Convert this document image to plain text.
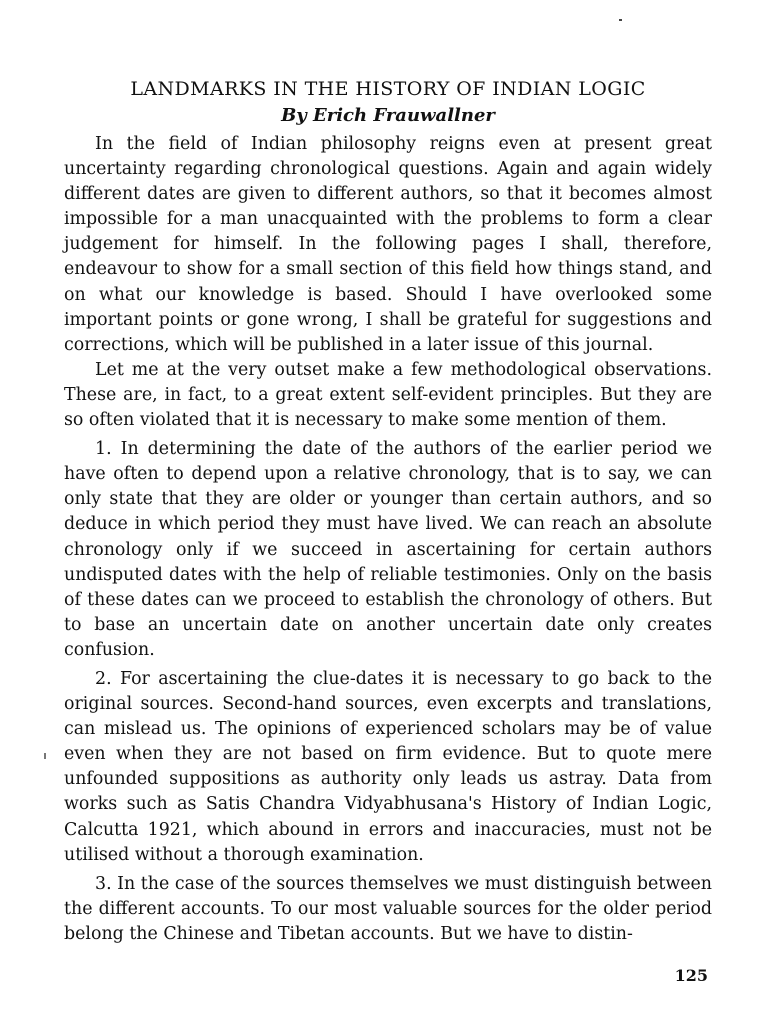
LANDMARKS IN THE HISTORY OF INDIAN LOGIC
By Erich Frauwallner

In the field of Indian philosophy reigns even at present great uncertainty regarding chronological questions. Again and again widely different dates are given to different authors, so that it becomes almost impossible for a man unacquainted with the problems to form a clear judgement for himself. In the following pages I shall, therefore, endeavour to show for a small section of this field how things stand, and on what our knowledge is based. Should I have overlooked some important points or gone wrong, I shall be grateful for suggestions and corrections, which will be published in a later issue of this journal.

Let me at the very outset make a few methodological observations. These are, in fact, to a great extent self-evident principles. But they are so often violated that it is necessary to make some mention of them.

1. In determining the date of the authors of the earlier period we have often to depend upon a relative chronology, that is to say, we can only state that they are older or younger than certain authors, and so deduce in which period they must have lived. We can reach an absolute chronology only if we succeed in ascertaining for certain authors undisputed dates with the help of reliable testimonies. Only on the basis of these dates can we proceed to establish the chronology of others. But to base an uncertain date on another uncertain date only creates confusion.

2. For ascertaining the clue-dates it is necessary to go back to the original sources. Second-hand sources, even excerpts and translations, can mislead us. The opinions of experienced scholars may be of value even when they are not based on firm evidence. But to quote mere unfounded suppositions as authority only leads us astray. Data from works such as Satis Chandra Vidyabhusana's History of Indian Logic, Calcutta 1921, which abound in errors and inaccuracies, must not be utilised without a thorough examination.

3. In the case of the sources themselves we must distinguish between the different accounts. To our most valuable sources for the older period belong the Chinese and Tibetan accounts. But we have to distin-

125
